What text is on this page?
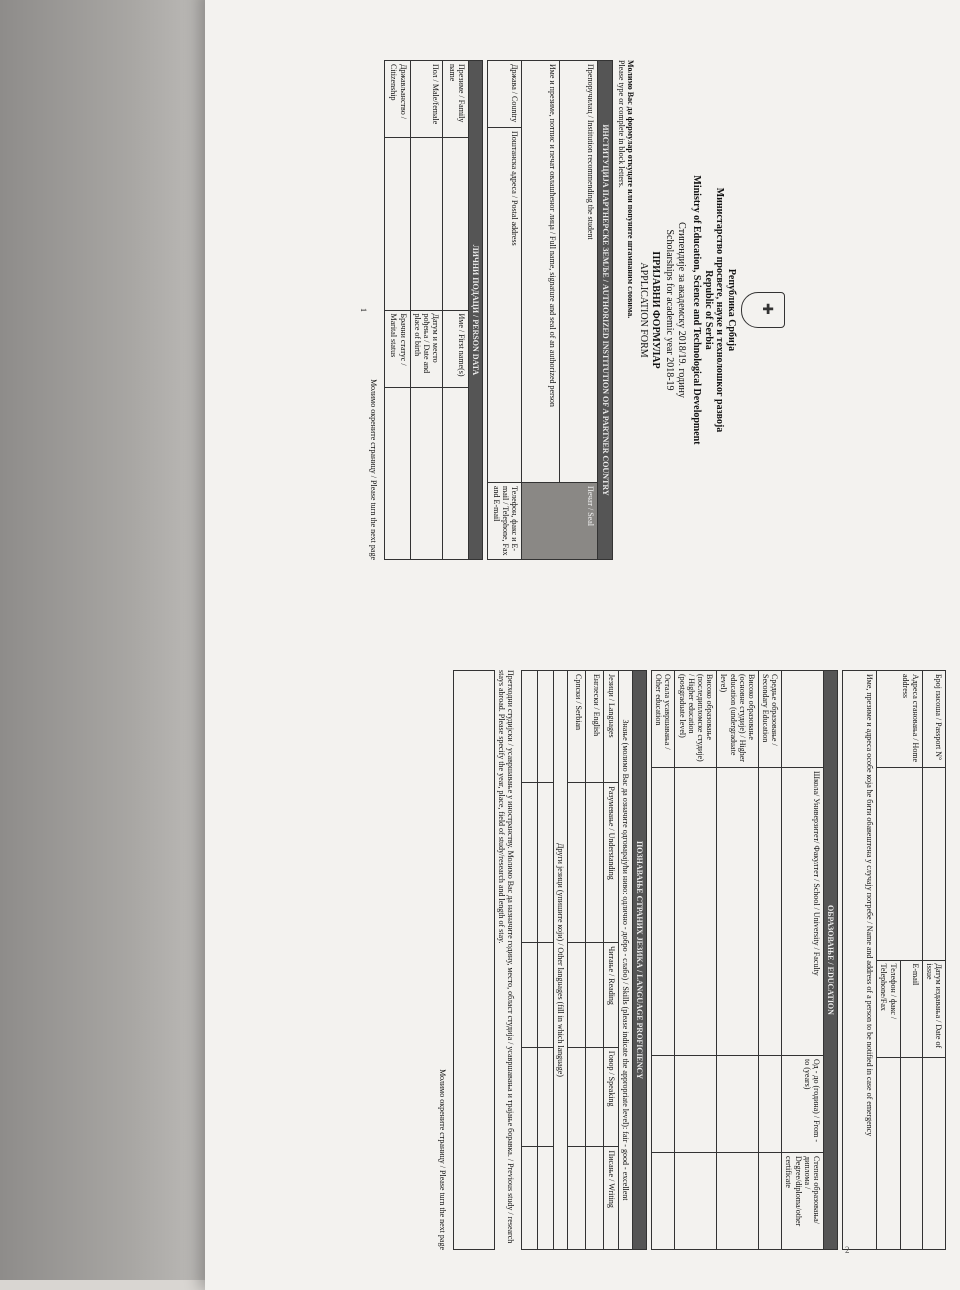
✚
Република Србија
Министарство просвете, науке и технолошког развоја
Republic of Serbia
Ministry of Education, Science and Technological Development
Стипендије за академску 2018/19. годину
Scholarships for academic year 2018-19
ПРИЈАВНИ ФОРМУЛАР
APPLICATION FORM
Молимо Вас да формулар откуцате или попуните штампаним словима.
Please type or complete in block letters.
ИНСТИТУЦИЈА ПАРТНЕРСКЕ ЗЕМЉЕ / AUTHORIZED INSTITUTION OF A PARTNER COUNTRY		
Препоручилац / Institution recommending the student		Печат / Seal
Име и презиме, потпис и печат овлашћеног лица / Full name, signature and seal of an authorized person		
Држава / Country	Поштанска адреса / Postal address	Телефон, факс и E-mail / Telephone, Fax and E-mail
ЛИЧНИ ПОДАЦИ / PERSON DATA			
Презиме / Family name		Име / First name(s)	
Пол / Male/female		Датум и место рођења / Date and place of birth	
Држављанство / Citizenship		Брачни статус / Marital status	
Молимо окрените страницу / Please turn the next page
1
Број пасоша / Passport N°		Датум издавања / Date of issue	
Адреса становања / Home address		E-mail	
		Телефон / факс / Telephone/Fax	
Име, презиме и адреса особе која ће бити обавештена у случају потребе / Name and address of a person to be notified in case of emergency			
ОБРАЗОВАЊЕ / EDUCATION			
	Школа/ Универзитет/ Факултет / School / University / Faculty	Од - до (година) / From - to (years)	Степен образовања/диплома / Degree/diploma/other certificate
Средње образовање / Secondary Education			
Високо образовање (основне студије) / Higher education (undergraduate level)			
Високо образовање (последипломске студије) / Higher education (postgraduate level)			
Остала усавршавања / Other education			
ПОЗНАВАЊЕ СТРАНИХ ЈЕЗИКА / LANGUAGE PROFICIENCY				
Знање (молимо Вас да означите одговарајући ниво: одлично - добро - слабо) / Skills (please indicate the appropriate level): fair - good - excellent				
Језици / Languages	Разумевање / Understanding	Читање / Reading	Говор / Speaking	Писање / Writing
Енглески / English				
Српски / Serbian				
Други језици (упишите који) / Other languages (fill in which language)				

Претходни студијски / усавршавање у иностранству. Молимо Вас да назначите годину, место, област студија / усавршавања и трајање боравка. / Previous study / research stays abroad. Please specify the year, place, field of study/research and length of stay.
Молимо окрените страницу / Please turn the next page	2
